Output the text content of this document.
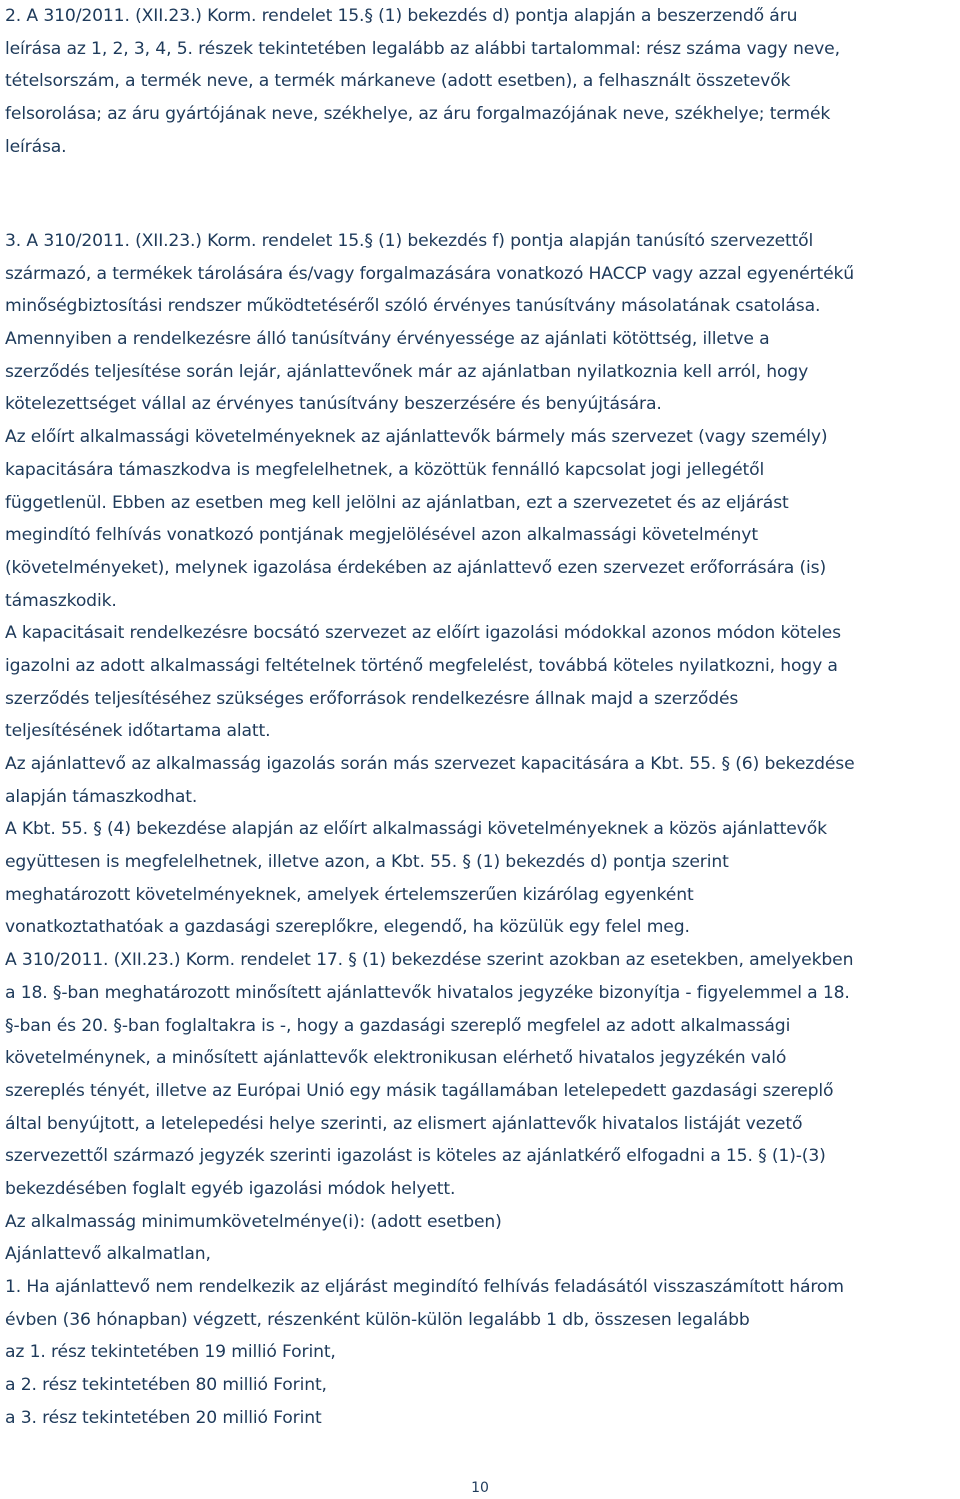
2. A 310/2011. (XII.23.) Korm. rendelet 15.§ (1) bekezdés d) pontja alapján a beszerzendő áru
leírása az 1, 2, 3, 4, 5. részek tekintetében legalább az alábbi tartalommal: rész száma vagy neve,
tételsorszám, a termék neve, a termék márkaneve (adott esetben), a felhasznált összetevők
felsorolása; az áru gyártójának neve, székhelye, az áru forgalmazójának neve, székhelye; termék
leírása.
3. A 310/2011. (XII.23.) Korm. rendelet 15.§ (1) bekezdés f) pontja alapján tanúsító szervezettől
származó, a termékek tárolására és/vagy forgalmazására vonatkozó HACCP vagy azzal egyenértékű
minőségbiztosítási rendszer működtetéséről szóló érvényes tanúsítvány másolatának csatolása.
Amennyiben a rendelkezésre álló tanúsítvány érvényessége az ajánlati kötöttség, illetve a
szerződés teljesítése során lejár, ajánlattevőnek már az ajánlatban nyilatkoznia kell arról, hogy
kötelezettséget vállal az érvényes tanúsítvány beszerzésére és benyújtására.
Az előírt alkalmassági követelményeknek az ajánlattevők bármely más szervezet (vagy személy)
kapacitására támaszkodva is megfelelhetnek, a közöttük fennálló kapcsolat jogi jellegétől
függetlenül. Ebben az esetben meg kell jelölni az ajánlatban, ezt a szervezetet és az eljárást
megindító felhívás vonatkozó pontjának megjelölésével azon alkalmassági követelményt
(követelményeket), melynek igazolása érdekében az ajánlattevő ezen szervezet erőforrására (is)
támaszkodik.
A kapacitásait rendelkezésre bocsátó szervezet az előírt igazolási módokkal azonos módon köteles
igazolni az adott alkalmassági feltételnek történő megfelelést, továbbá köteles nyilatkozni, hogy a
szerződés teljesítéséhez szükséges erőforrások rendelkezésre állnak majd a szerződés
teljesítésének időtartama alatt.
Az ajánlattevő az alkalmasság igazolás során más szervezet kapacitására a Kbt. 55. § (6) bekezdése
alapján támaszkodhat.
A Kbt. 55. § (4) bekezdése alapján az előírt alkalmassági követelményeknek a közös ajánlattevők
együttesen is megfelelhetnek, illetve azon, a Kbt. 55. § (1) bekezdés d) pontja szerint
meghatározott követelményeknek, amelyek értelemszerűen kizárólag egyenként
vonatkoztathatóak a gazdasági szereplőkre, elegendő, ha közülük egy felel meg.
A 310/2011. (XII.23.) Korm. rendelet 17. § (1) bekezdése szerint azokban az esetekben, amelyekben
a 18. §-ban meghatározott minősített ajánlattevők hivatalos jegyzéke bizonyítja - figyelemmel a 18.
§-ban és 20. §-ban foglaltakra is -, hogy a gazdasági szereplő megfelel az adott alkalmassági
követelménynek, a minősített ajánlattevők elektronikusan elérhető hivatalos jegyzékén való
szereplés tényét, illetve az Európai Unió egy másik tagállamában letelepedett gazdasági szereplő
által benyújtott, a letelepedési helye szerinti, az elismert ajánlattevők hivatalos listáját vezető
szervezettől származó jegyzék szerinti igazolást is köteles az ajánlatkérő elfogadni a 15. § (1)-(3)
bekezdésében foglalt egyéb igazolási módok helyett.
Az alkalmasság minimumkövetelménye(i): (adott esetben)
Ajánlattevő alkalmatlan,
1. Ha ajánlattevő nem rendelkezik az eljárást megindító felhívás feladásától visszaszámított három
évben (36 hónapban) végzett, részenként külön-külön legalább 1 db, összesen legalább
az 1. rész tekintetében 19 millió Forint,
a 2. rész tekintetében 80 millió Forint,
a 3. rész tekintetében 20 millió Forint
10
